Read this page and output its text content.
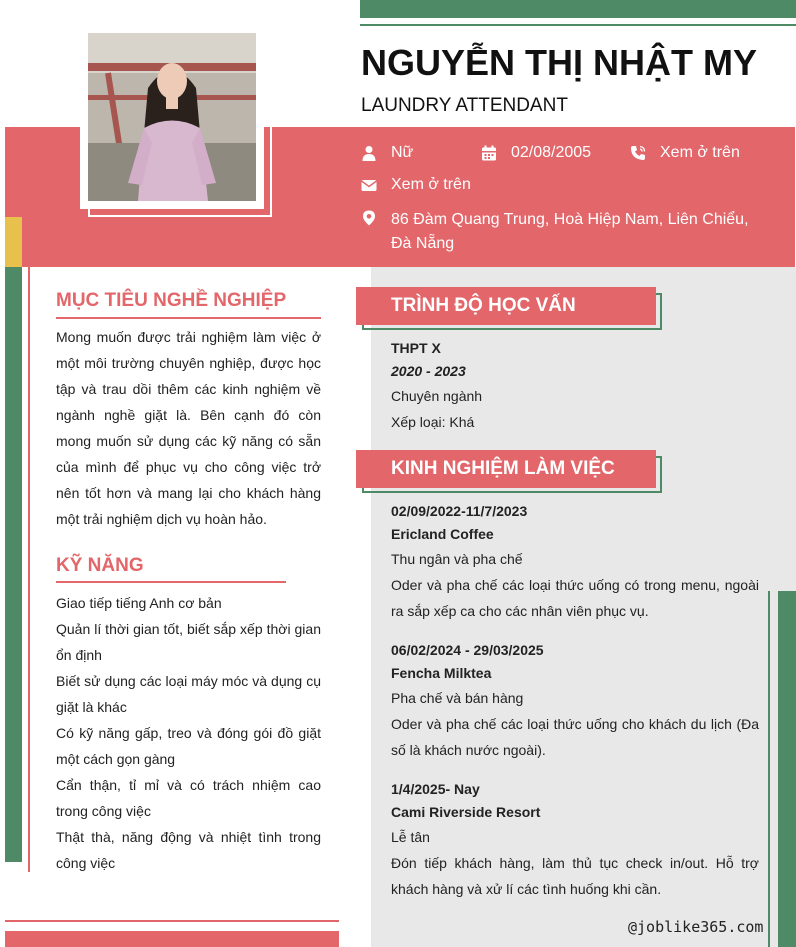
NGUYỄN THỊ NHẬT MY
LAUNDRY ATTENDANT
Nữ	02/08/2005	Xem ở trên
Xem ở trên
86 Đàm Quang Trung, Hoà Hiệp Nam, Liên Chiểu, Đà Nẵng
MỤC TIÊU NGHỀ NGHIỆP
Mong muốn được trải nghiệm làm việc ở một môi trường chuyên nghiệp, được học tập và trau dồi thêm các kinh nghiệm về ngành nghề giặt là. Bên cạnh đó còn mong muốn sử dụng các kỹ năng có sẵn của mình để phục vụ cho công việc trở nên tốt hơn và mang lại cho khách hàng một trải nghiệm dịch vụ hoàn hảo.
KỸ NĂNG
Giao tiếp tiếng Anh cơ bản
Quản lí thời gian tốt, biết sắp xếp thời gian ổn định
Biết sử dụng các loại máy móc và dụng cụ giặt là khác
Có kỹ năng gấp, treo và đóng gói đồ giặt một cách gọn gàng
Cẩn thận, tỉ mỉ và có trách nhiệm cao trong công việc
Thật thà, năng động và nhiệt tình trong công việc
TRÌNH ĐỘ HỌC VẤN
THPT X
2020 - 2023
Chuyên ngành
Xếp loại: Khá
KINH NGHIỆM LÀM VIỆC
02/09/2022-11/7/2023
Ericland Coffee
Thu ngân và pha chế
Oder và pha chế các loại thức uống có trong menu, ngoài ra sắp xếp ca cho các nhân viên phục vụ.
06/02/2024 - 29/03/2025
Fencha Milktea
Pha chế và bán hàng
Oder và pha chế các loại thức uống cho khách du lịch (Đa số là khách nước ngoài).
1/4/2025- Nay
Cami Riverside Resort
Lễ tân
Đón tiếp khách hàng, làm thủ tục check in/out. Hỗ trợ khách hàng và xử lí các tình huống khi cần.
@joblike365.com
